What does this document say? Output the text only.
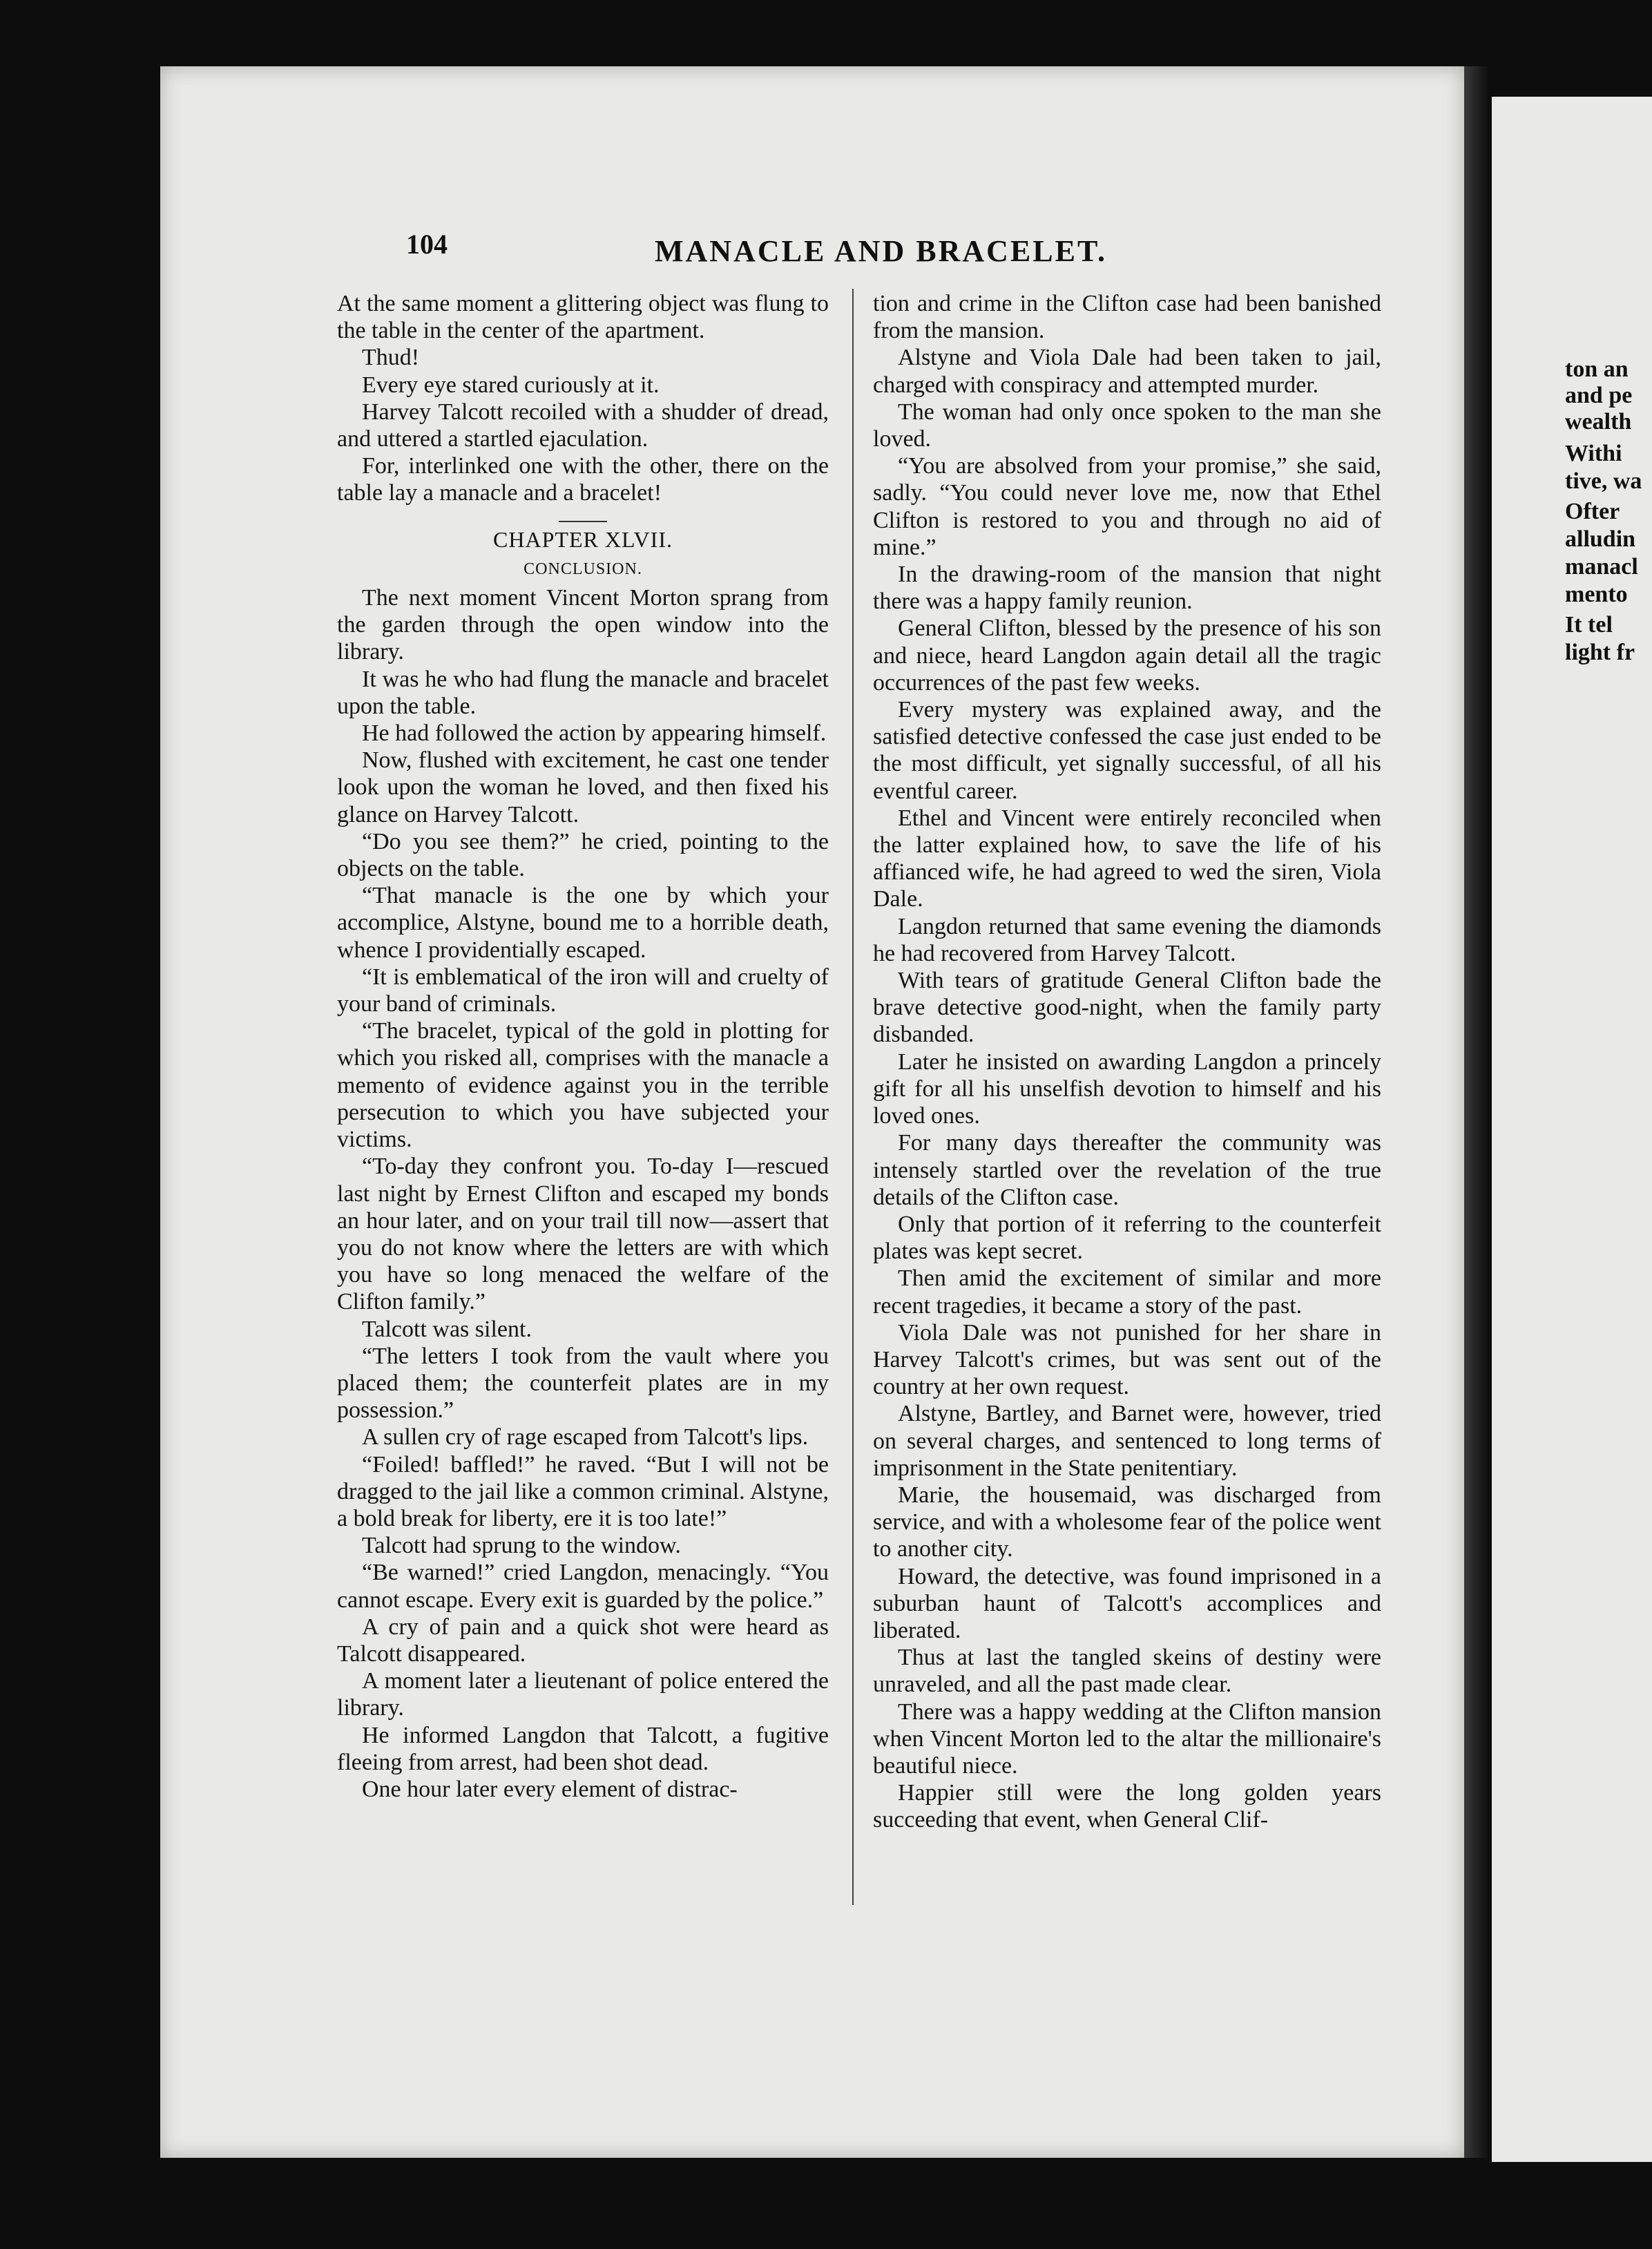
ton an
and pe
wealth
Withi
tive, wa
Ofter
alludin
manacl
mento
It tel
light fr
104	MANACLE AND BRACELET.

At the same moment a glittering object was flung to the table in the center of the apartment.

Thud!

Every eye stared curiously at it.

Harvey Talcott recoiled with a shudder of dread, and uttered a startled ejaculation.

For, interlinked one with the other, there on the table lay a manacle and a bracelet!

CHAPTER XLVII.
CONCLUSION.

The next moment Vincent Morton sprang from the garden through the open window into the library.

It was he who had flung the manacle and bracelet upon the table.

He had followed the action by appearing himself.

Now, flushed with excitement, he cast one tender look upon the woman he loved, and then fixed his glance on Harvey Talcott.

“Do you see them?” he cried, pointing to the objects on the table.

“That manacle is the one by which your accomplice, Alstyne, bound me to a horrible death, whence I providentially escaped.

“It is emblematical of the iron will and cruelty of your band of criminals.

“The bracelet, typical of the gold in plotting for which you risked all, comprises with the manacle a memento of evidence against you in the terrible persecution to which you have subjected your victims.

“To-day they confront you. To-day I—rescued last night by Ernest Clifton and escaped my bonds an hour later, and on your trail till now—assert that you do not know where the letters are with which you have so long menaced the welfare of the Clifton family.”

Talcott was silent.

“The letters I took from the vault where you placed them; the counterfeit plates are in my possession.”

A sullen cry of rage escaped from Talcott's lips.

“Foiled! baffled!” he raved. “But I will not be dragged to the jail like a common criminal. Alstyne, a bold break for liberty, ere it is too late!”

Talcott had sprung to the window.

“Be warned!” cried Langdon, menacingly. “You cannot escape. Every exit is guarded by the police.”

A cry of pain and a quick shot were heard as Talcott disappeared.

A moment later a lieutenant of police entered the library.

He informed Langdon that Talcott, a fugitive fleeing from arrest, had been shot dead.

One hour later every element of distrac-

tion and crime in the Clifton case had been banished from the mansion.

Alstyne and Viola Dale had been taken to jail, charged with conspiracy and attempted murder.

The woman had only once spoken to the man she loved.

“You are absolved from your promise,” she said, sadly. “You could never love me, now that Ethel Clifton is restored to you and through no aid of mine.”

In the drawing-room of the mansion that night there was a happy family reunion.

General Clifton, blessed by the presence of his son and niece, heard Langdon again detail all the tragic occurrences of the past few weeks.

Every mystery was explained away, and the satisfied detective confessed the case just ended to be the most difficult, yet signally successful, of all his eventful career.

Ethel and Vincent were entirely reconciled when the latter explained how, to save the life of his affianced wife, he had agreed to wed the siren, Viola Dale.

Langdon returned that same evening the diamonds he had recovered from Harvey Talcott.

With tears of gratitude General Clifton bade the brave detective good-night, when the family party disbanded.

Later he insisted on awarding Langdon a princely gift for all his unselfish devotion to himself and his loved ones.

For many days thereafter the community was intensely startled over the revelation of the true details of the Clifton case.

Only that portion of it referring to the counterfeit plates was kept secret.

Then amid the excitement of similar and more recent tragedies, it became a story of the past.

Viola Dale was not punished for her share in Harvey Talcott's crimes, but was sent out of the country at her own request.

Alstyne, Bartley, and Barnet were, however, tried on several charges, and sentenced to long terms of imprisonment in the State penitentiary.

Marie, the housemaid, was discharged from service, and with a wholesome fear of the police went to another city.

Howard, the detective, was found imprisoned in a suburban haunt of Talcott's accomplices and liberated.

Thus at last the tangled skeins of destiny were unraveled, and all the past made clear.

There was a happy wedding at the Clifton mansion when Vincent Morton led to the altar the millionaire's beautiful niece.

Happier still were the long golden years succeeding that event, when General Clif-
